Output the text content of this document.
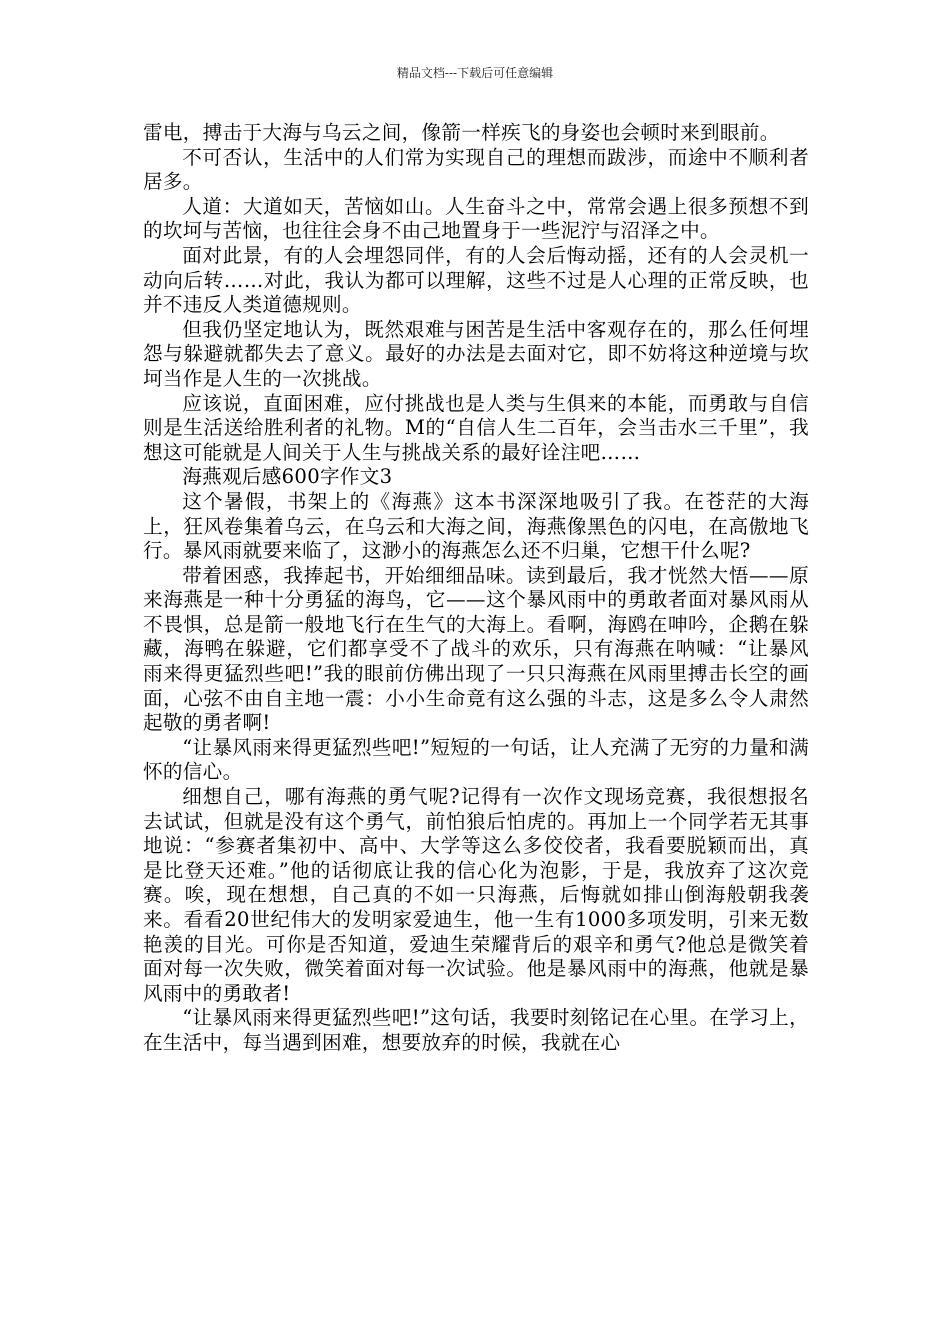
精品文档---下载后可任意编辑

雷电，搏击于大海与乌云之间，像箭一样疾飞的身姿也会顿时来到眼前。

不可否认，生活中的人们常为实现自己的理想而跋涉，而途中不顺利者居多。

人道：大道如天，苦恼如山。人生奋斗之中，常常会遇上很多预想不到的坎坷与苦恼，也往往会身不由己地置身于一些泥泞与沼泽之中。

面对此景，有的人会埋怨同伴，有的人会后悔动摇，还有的人会灵机一动向后转……对此，我认为都可以理解，这些不过是人心理的正常反映，也并不违反人类道德规则。

但我仍坚定地认为，既然艰难与困苦是生活中客观存在的，那么任何埋怨与躲避就都失去了意义。最好的办法是去面对它，即不妨将这种逆境与坎坷当作是人生的一次挑战。

应该说，直面困难，应付挑战也是人类与生俱来的本能，而勇敢与自信则是生活送给胜利者的礼物。M的“自信人生二百年，会当击水三千里”，我想这可能就是人间关于人生与挑战关系的最好诠注吧……

海燕观后感600字作文3

这个暑假，书架上的《海燕》这本书深深地吸引了我。在苍茫的大海上，狂风卷集着乌云，在乌云和大海之间，海燕像黑色的闪电，在高傲地飞行。暴风雨就要来临了，这渺小的海燕怎么还不归巢，它想干什么呢?

带着困惑，我捧起书，开始细细品味。读到最后，我才恍然大悟——原来海燕是一种十分勇猛的海鸟，它——这个暴风雨中的勇敢者面对暴风雨从不畏惧，总是箭一般地飞行在生气的大海上。看啊，海鸥在呻吟，企鹅在躲藏，海鸭在躲避，它们都享受不了战斗的欢乐，只有海燕在呐喊：“让暴风雨来得更猛烈些吧!”我的眼前仿佛出现了一只只海燕在风雨里搏击长空的画面，心弦不由自主地一震：小小生命竟有这么强的斗志，这是多么令人肃然起敬的勇者啊!

“让暴风雨来得更猛烈些吧!”短短的一句话，让人充满了无穷的力量和满怀的信心。

细想自己，哪有海燕的勇气呢?记得有一次作文现场竞赛，我很想报名去试试，但就是没有这个勇气，前怕狼后怕虎的。再加上一个同学若无其事地说：“参赛者集初中、高中、大学等这么多佼佼者，我看要脱颖而出，真是比登天还难。”他的话彻底让我的信心化为泡影，于是，我放弃了这次竞赛。唉，现在想想，自己真的不如一只海燕，后悔就如排山倒海般朝我袭来。看看20世纪伟大的发明家爱迪生，他一生有1000多项发明，引来无数艳羡的目光。可你是否知道，爱迪生荣耀背后的艰辛和勇气?他总是微笑着面对每一次失败，微笑着面对每一次试验。他是暴风雨中的海燕，他就是暴风雨中的勇敢者!

“让暴风雨来得更猛烈些吧!”这句话，我要时刻铭记在心里。在学习上，在生活中，每当遇到困难，想要放弃的时候，我就在心
